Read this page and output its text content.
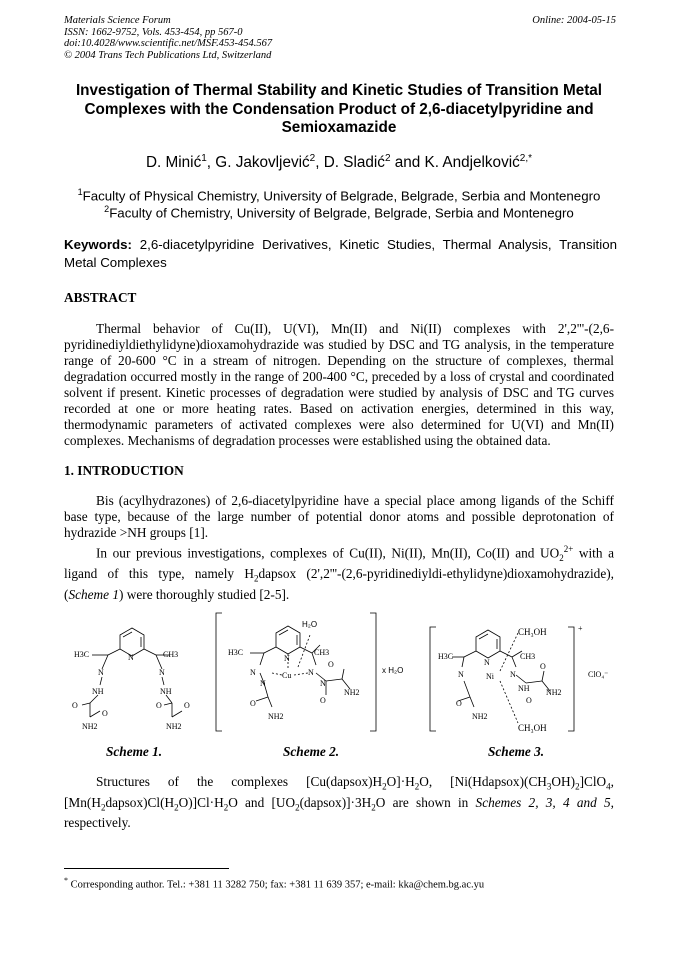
Materials Science Forum
ISSN: 1662-9752, Vols. 453-454, pp 567-0
doi:10.4028/www.scientific.net/MSF.453-454.567
© 2004 Trans Tech Publications Ltd, Switzerland
Online: 2004-05-15
Investigation of Thermal Stability and Kinetic Studies of Transition Metal Complexes with the Condensation Product of 2,6-diacetylpyridine and Semioxamazide
D. Minić$^1$, G. Jakovljević$^2$, D. Sladić$^2$ and K. Andjelković$^{2,*}$
$^1$Faculty of Physical Chemistry, University of Belgrade, Belgrade, Serbia and Montenegro
$^2$Faculty of Chemistry, University of Belgrade, Belgrade, Serbia and Montenegro
Keywords: 2,6-diacetylpyridine Derivatives, Kinetic Studies, Thermal Analysis, Transition Metal Complexes
ABSTRACT

Thermal behavior of Cu(II), U(VI), Mn(II) and Ni(II) complexes with 2',2'''-(2,6-pyridinediyldiethylidyne)dioxamohydrazide was studied by DSC and TG analysis, in the temperature range of 20-600 °C in a stream of nitrogen. Depending on the structure of complexes, thermal degradation occurred mostly in the range of 200-400 °C, preceded by a loss of crystal and coordinated solvent if present. Kinetic processes of degradation were studied by analysis of DSC and TG curves recorded at one or more heating rates. Based on activation energies, determined in this way, thermodynamic parameters of activated complexes were also determined for U(VI) and Mn(II) complexes. Mechanisms of degradation processes were established using the obtained data.

1. INTRODUCTION

Bis (acylhydrazones) of 2,6-diacetylpyridine have a special place among ligands of the Schiff base type, because of the large number of potential donor atoms and possible deprotonation of hydrazide >NH groups [1].

In our previous investigations, complexes of Cu(II), Ni(II), Mn(II), Co(II) and $UO_2^{2+}$ with a ligand of this type, namely $H_2dapsox$ (2',2'''-(2,6-pyridinediyldi-ethylidyne)dioxamohydrazide), (Scheme 1) were thoroughly studied [2-5].

H3C	CH3
N
N	N
NH	NH
O	O
O
O
NH2	NH2
H₂O
H3C	CH3
N
N	Cu N
N	N
O
O
O
NH2
NH2
x H₂O
CH₃OH
CH₃OH
+
H3C	CH3
N
N	Ni N
NH
O
O
O
NH2
NH2
ClO₄⁻
Scheme 1.	Scheme 2.	Scheme 3.

Structures of the complexes $[Cu(dapsox)H_2O]\cdot H_2O$, $[Ni(Hdapsox)(CH_3OH)_2]ClO_4$, $[Mn(H_2dapsox)Cl(H_2O)]Cl\cdot H_2O$ and $[UO_2(dapsox)]\cdot 3H_2O$ are shown in Schemes 2, 3, 4 and 5, respectively.

* Corresponding author. Tel.: +381 11 3282 750; fax: +381 11 639 357; e-mail: kka@chem.bg.ac.yu
